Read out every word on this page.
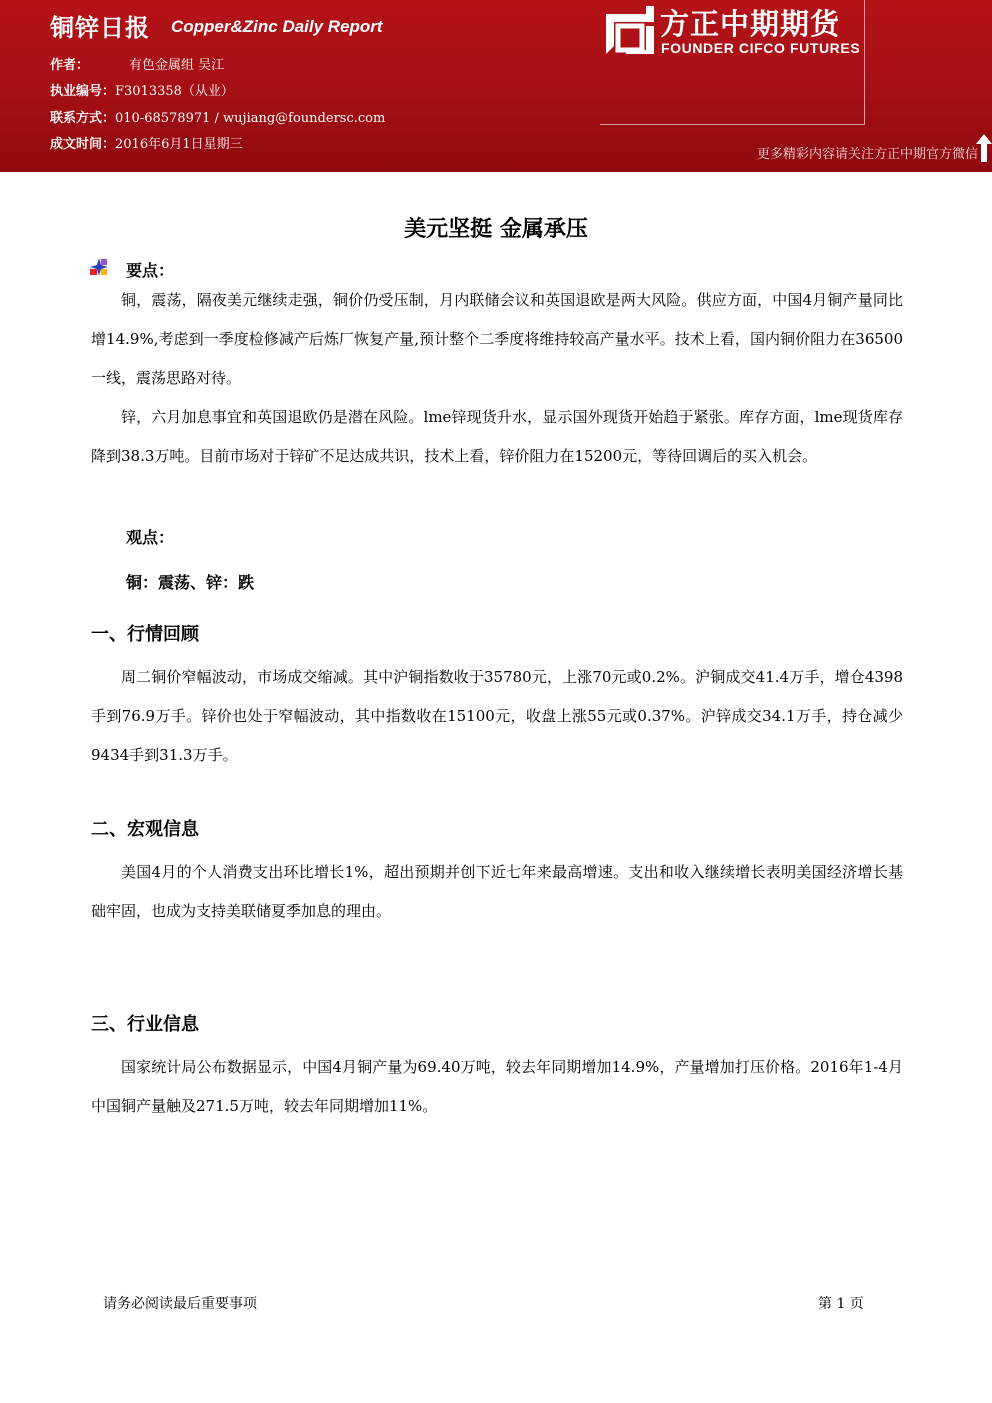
铜锌日报 Copper&Zinc Daily Report
作者：	有色金属组 吴江
执业编号：F3013358（从业）
联系方式：010-68578971 / wujiang@foundersc.com
成文时间：2016年6月1日星期三
方正中期期货
FOUNDER CIFCO FUTURES
更多精彩内容请关注方正中期官方微信
美元坚挺 金属承压
要点：
铜，震荡，隔夜美元继续走强，铜价仍受压制，月内联储会议和英国退欧是两大风险。供应方面，中国4月铜产量同比增14.9%,考虑到一季度检修减产后炼厂恢复产量,预计整个二季度将维持较高产量水平。技术上看，国内铜价阻力在36500一线，震荡思路对待。
锌，六月加息事宜和英国退欧仍是潜在风险。lme锌现货升水，显示国外现货开始趋于紧张。库存方面，lme现货库存降到38.3万吨。目前市场对于锌矿不足达成共识，技术上看，锌价阻力在15200元，等待回调后的买入机会。
观点：
铜：震荡、锌：跌
一、行情回顾
周二铜价窄幅波动，市场成交缩减。其中沪铜指数收于35780元，上涨70元或0.2%。沪铜成交41.4万手，增仓4398手到76.9万手。锌价也处于窄幅波动，其中指数收在15100元，收盘上涨55元或0.37%。沪锌成交34.1万手，持仓减少9434手到31.3万手。
二、宏观信息
美国4月的个人消费支出环比增长1%，超出预期并创下近七年来最高增速。支出和收入继续增长表明美国经济增长基础牢固，也成为支持美联储夏季加息的理由。
三、行业信息
国家统计局公布数据显示，中国4月铜产量为69.40万吨，较去年同期增加14.9%，产量增加打压价格。2016年1-4月中国铜产量触及271.5万吨，较去年同期增加11%。
请务必阅读最后重要事项	第 1 页
